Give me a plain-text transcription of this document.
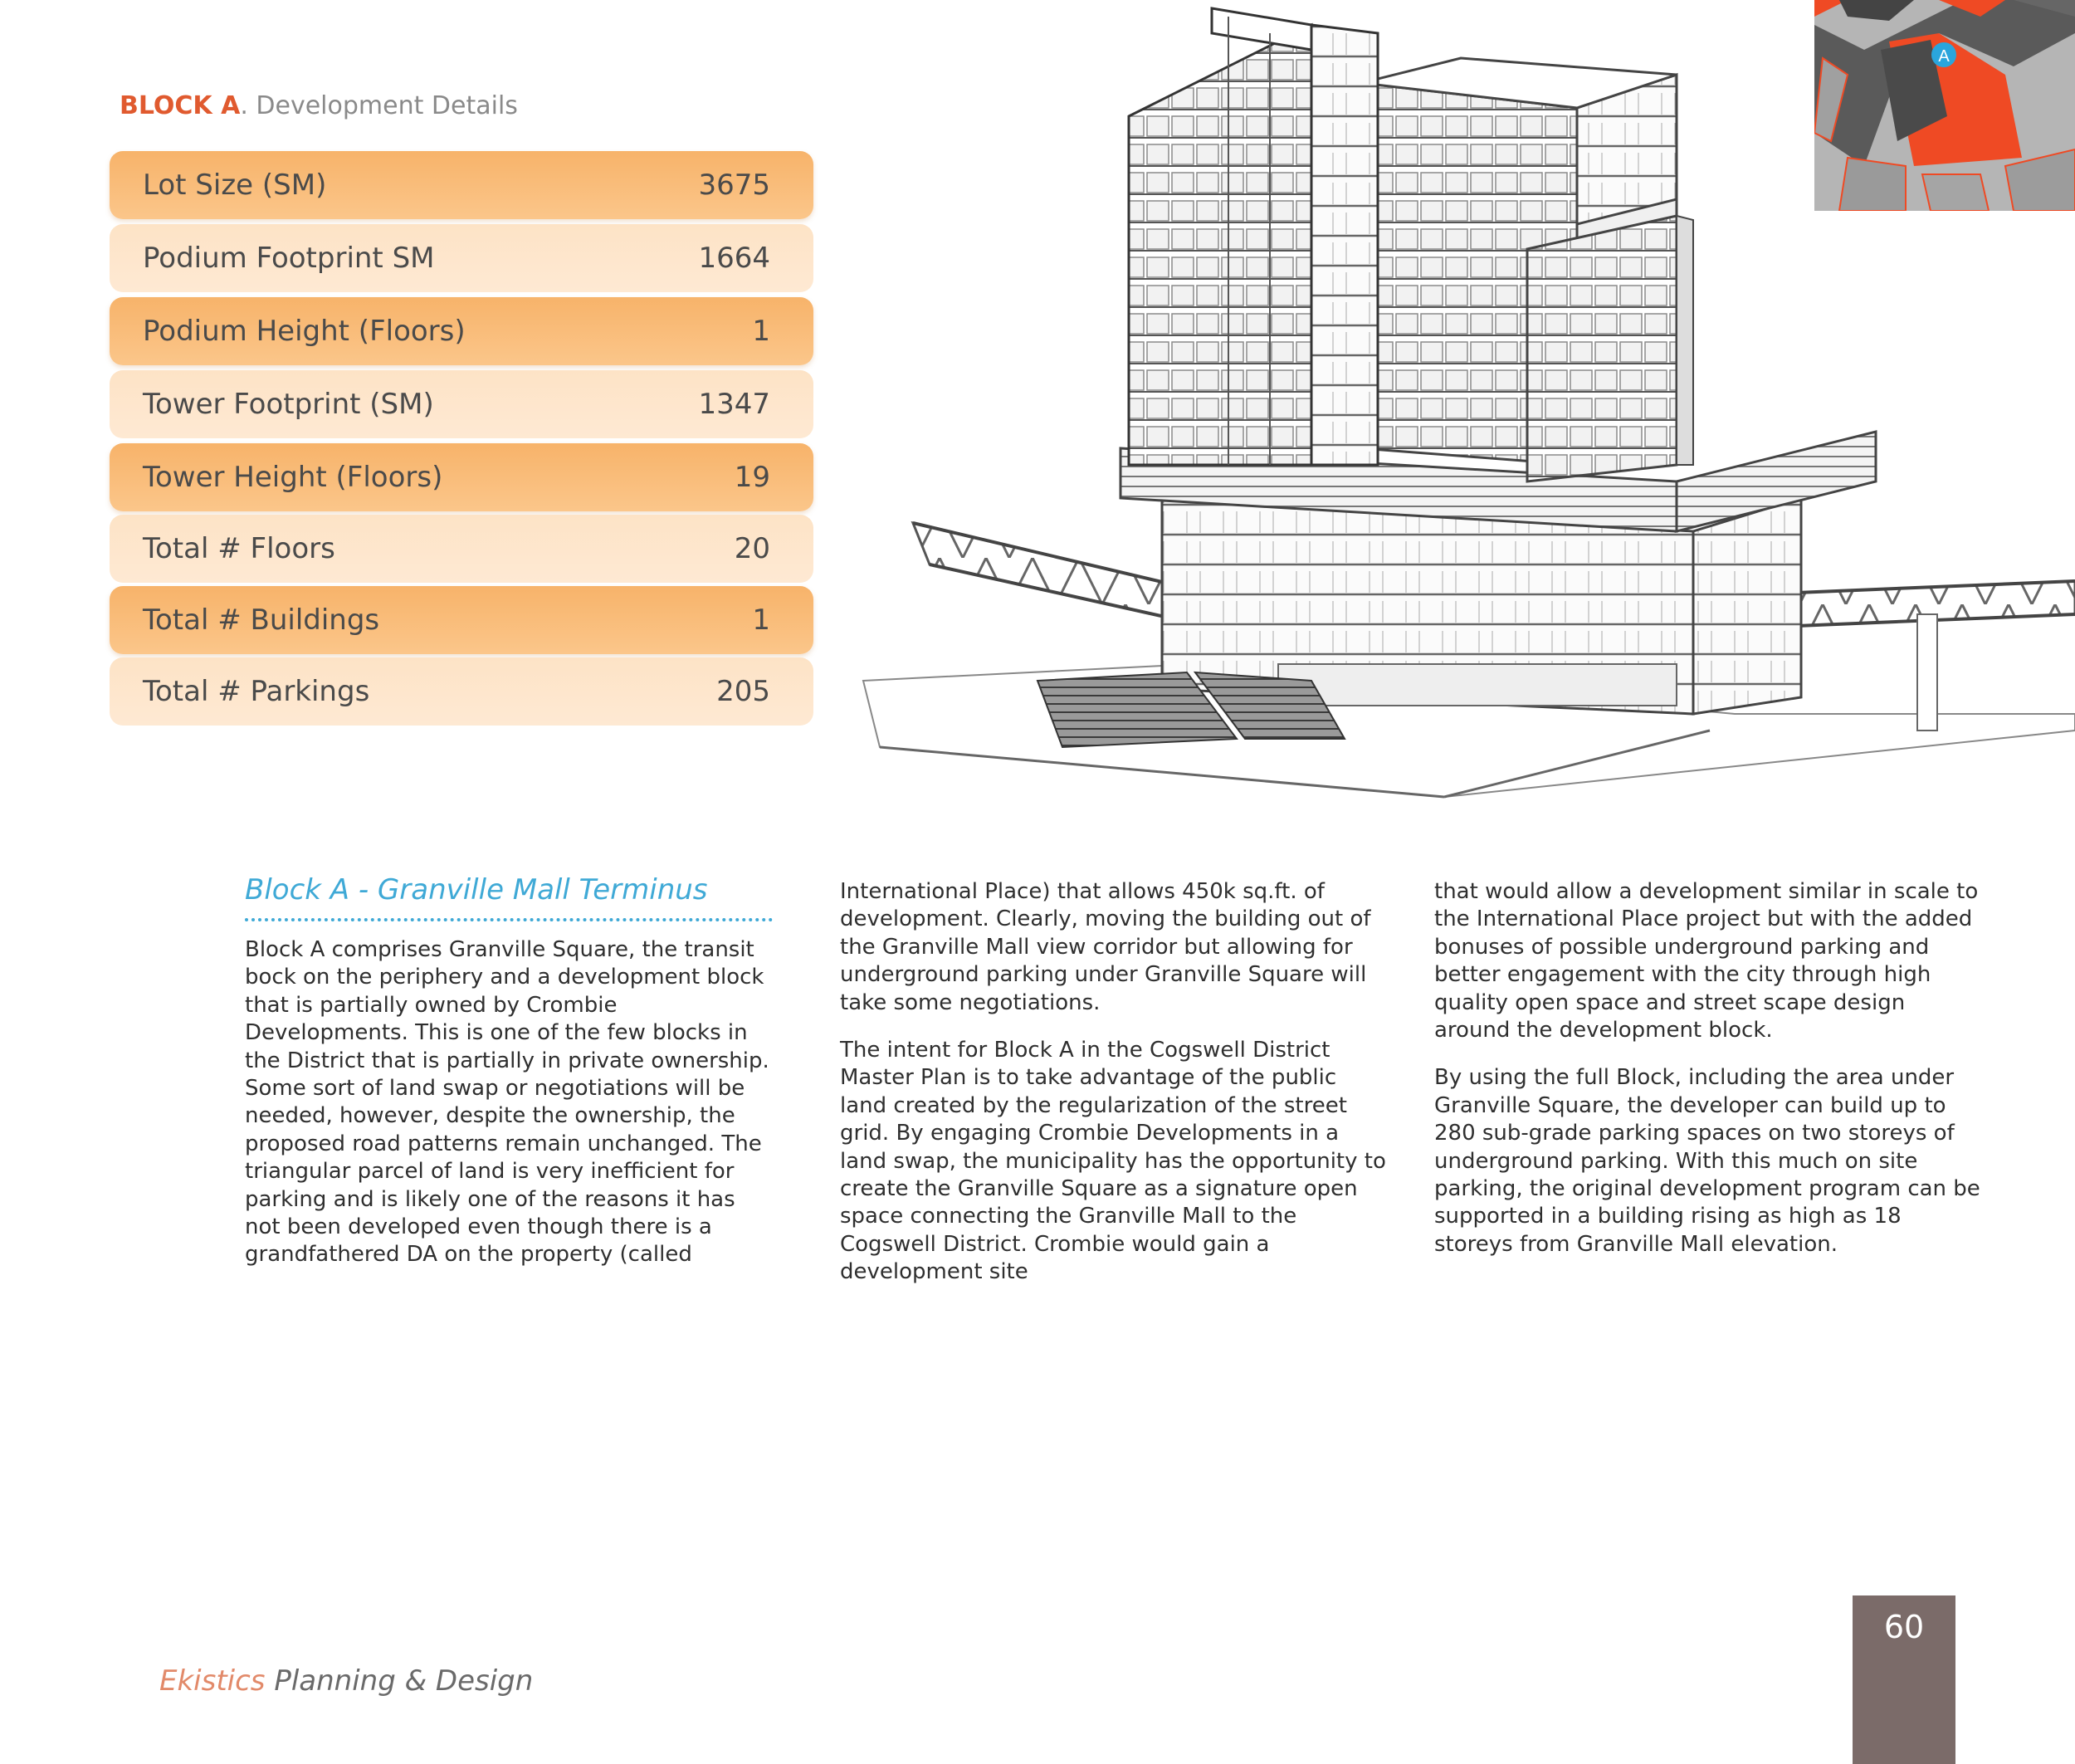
BLOCK A. Development Details
Lot Size (SM)	3675
Podium Footprint SM	1664
Podium Height (Floors)	1
Tower Footprint (SM)	1347
Tower Height (Floors)	19
Total # Floors	20
Total # Buildings	1
Total # Parkings	205
A
Block A - Granville Mall Terminus

Block A comprises Granville Square, the transit bock on the periphery and a development block that is partially owned by Crombie Developments. This is one of the few blocks in the District that is partially in private ownership. Some sort of land swap or negotiations will be needed, however, despite the ownership, the proposed road patterns remain unchanged. The triangular parcel of land is very inefficient for parking and is likely one of the reasons it has not been developed even though there is a grandfathered DA on the property (called

International Place) that allows 450k sq.ft. of development. Clearly, moving the building out of the Granville Mall view corridor but allowing for underground parking under Granville Square will take some negotiations.

The intent for Block A in the Cogswell District Master Plan is to take advantage of the public land created by the regularization of the street grid. By engaging Crombie Developments in a land swap, the municipality has the opportunity to create the Granville Square as a signature open space connecting the Granville Mall to the Cogswell District. Crombie would gain a development site

that would allow a development similar in scale to the International Place project but with the added bonuses of possible underground parking and better engagement with the city through high quality open space and street scape design around the development block.

By using the full Block, including the area under Granville Square, the developer can build up to 280 sub-grade parking spaces on two storeys of underground parking. With this much on site parking, the original development program can be supported in a building rising as high as 18 storeys from Granville Mall elevation.

Ekistics Planning & Design
60
